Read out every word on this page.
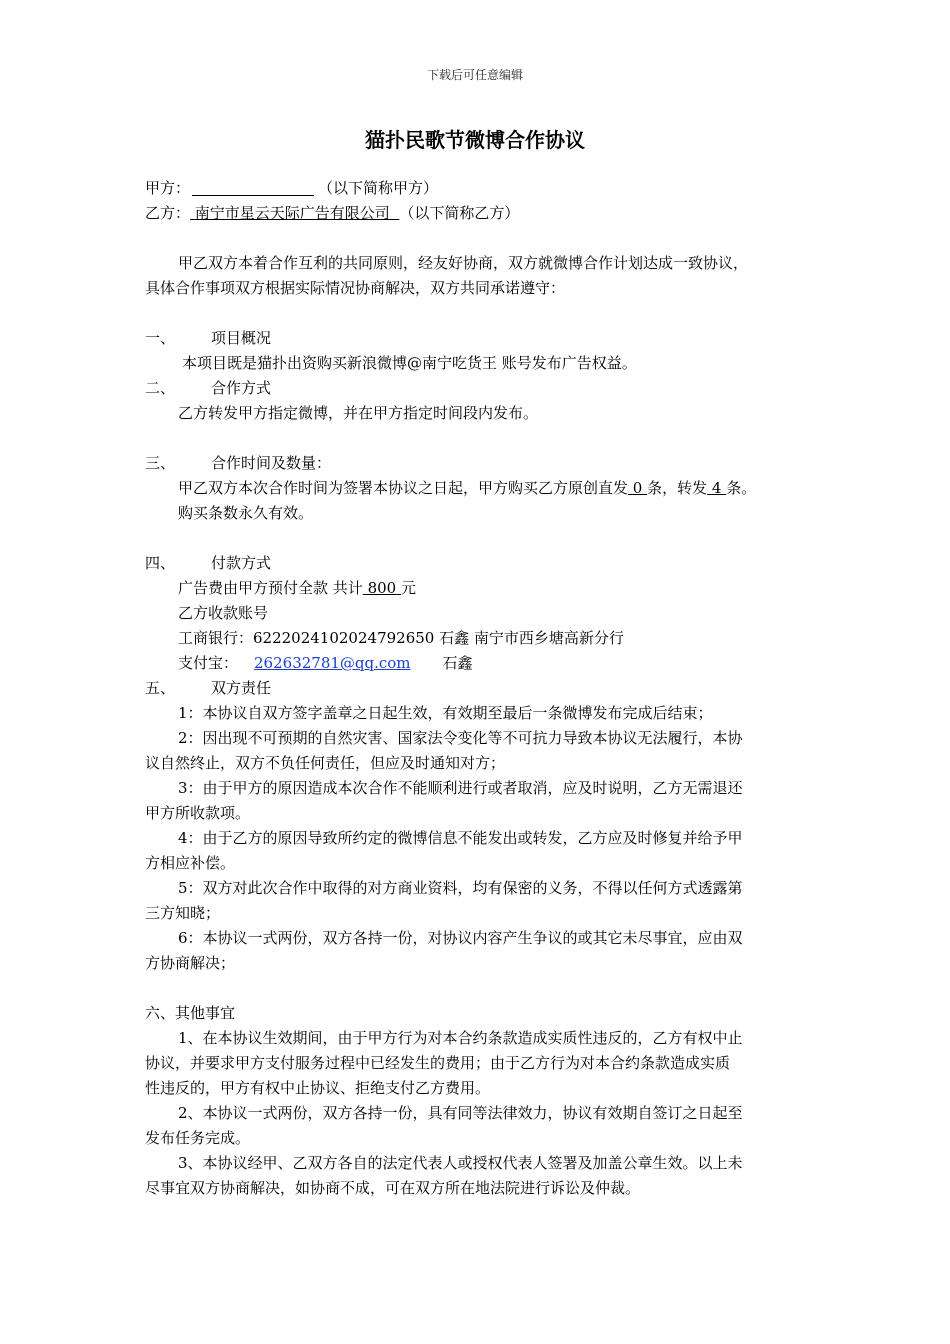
下载后可任意编辑
猫扑民歌节微博合作协议
甲方：	（以下简称甲方）
乙方： 南宁市星云天际广告有限公司 （以下简称乙方）
甲乙双方本着合作互利的共同原则，经友好协商，双方就微博合作计划达成一致协议，
具体合作事项双方根据实际情况协商解决，双方共同承诺遵守：
一、 项目概况
本项目既是猫扑出资购买新浪微博@南宁吃货王 账号发布广告权益。
二、 合作方式
乙方转发甲方指定微博，并在甲方指定时间段内发布。
三、 合作时间及数量：
甲乙双方本次合作时间为签署本协议之日起，甲方购买乙方原创直发 0 条，转发 4 条。
购买条数永久有效。
四、 付款方式
广告费由甲方预付全款 共计 800 元
乙方收款账号
工商银行：6222024102024792650 石鑫 南宁市西乡塘高新分行
支付宝： 262632781@qq.com 石鑫
五、 双方责任
1：本协议自双方签字盖章之日起生效，有效期至最后一条微博发布完成后结束；
2：因出现不可预期的自然灾害、国家法令变化等不可抗力导致本协议无法履行，本协
议自然终止，双方不负任何责任，但应及时通知对方；
3：由于甲方的原因造成本次合作不能顺利进行或者取消，应及时说明，乙方无需退还
甲方所收款项。
4：由于乙方的原因导致所约定的微博信息不能发出或转发，乙方应及时修复并给予甲
方相应补偿。
5：双方对此次合作中取得的对方商业资料，均有保密的义务，不得以任何方式透露第
三方知晓；
6：本协议一式两份，双方各持一份，对协议内容产生争议的或其它未尽事宜，应由双
方协商解决；
六、其他事宜
1、在本协议生效期间，由于甲方行为对本合约条款造成实质性违反的，乙方有权中止
协议，并要求甲方支付服务过程中已经发生的费用；由于乙方行为对本合约条款造成实质
性违反的，甲方有权中止协议、拒绝支付乙方费用。
2、本协议一式两份，双方各持一份，具有同等法律效力，协议有效期自签订之日起至
发布任务完成。
3、本协议经甲、乙双方各自的法定代表人或授权代表人签署及加盖公章生效。以上未
尽事宜双方协商解决，如协商不成，可在双方所在地法院进行诉讼及仲裁。
